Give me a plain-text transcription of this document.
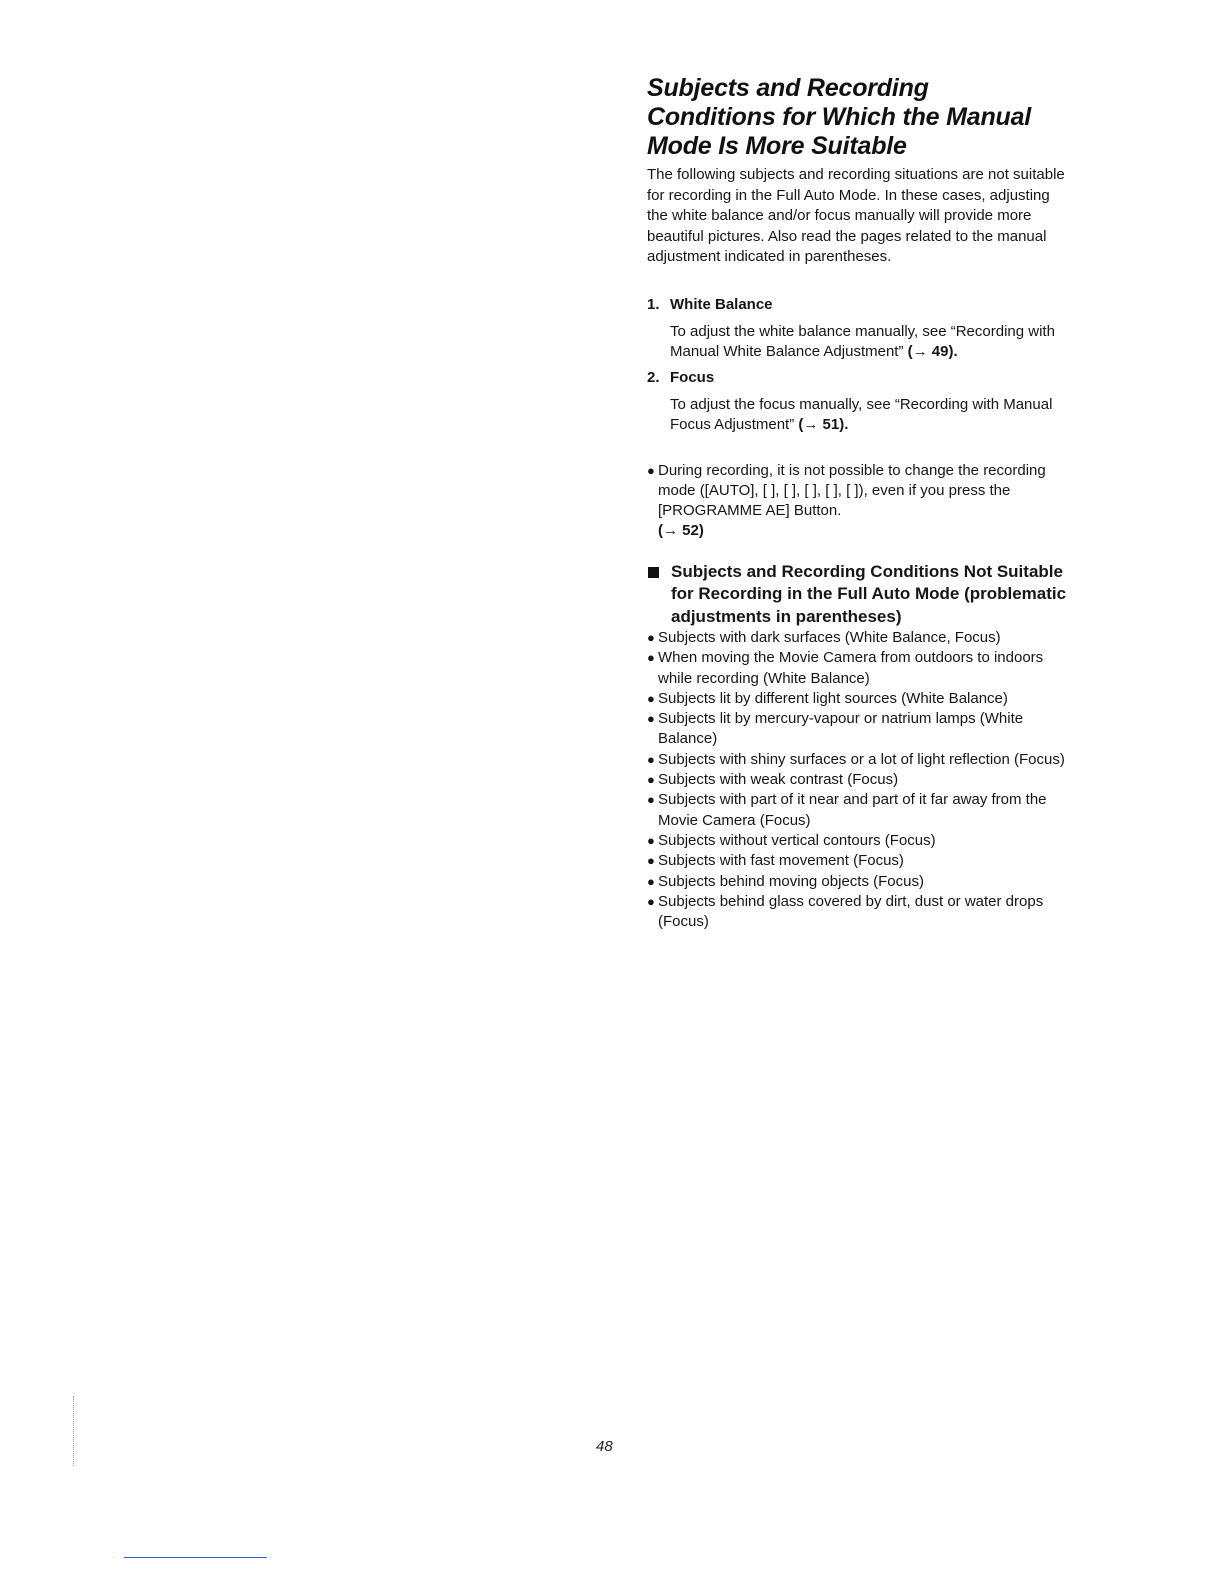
Subjects and Recording
Conditions for Which the Manual
Mode Is More Suitable

The following subjects and recording situations are not suitable for recording in the Full Auto Mode. In these cases, adjusting the white balance and/or focus manually will provide more beautiful pictures. Also read the pages related to the manual adjustment indicated in parentheses.

1. White Balance
To adjust the white balance manually, see “Recording with Manual White Balance Adjustment” (→ 49).
2. Focus
To adjust the focus manually, see “Recording with Manual Focus Adjustment” (→ 51).
● During recording, it is not possible to change the recording mode ([AUTO], [ ], [ ], [ ], [ ], [ ]), even if you press the [PROGRAMME AE] Button.
(→ 52)
Subjects and Recording Conditions Not Suitable for Recording in the Full Auto Mode (problematic adjustments in parentheses)
● Subjects with dark surfaces (White Balance, Focus)
● When moving the Movie Camera from outdoors to indoors while recording (White Balance)
● Subjects lit by different light sources (White Balance)
● Subjects lit by mercury-vapour or natrium lamps (White Balance)
● Subjects with shiny surfaces or a lot of light reflection (Focus)
● Subjects with weak contrast (Focus)
● Subjects with part of it near and part of it far away from the Movie Camera (Focus)
● Subjects without vertical contours (Focus)
● Subjects with fast movement (Focus)
● Subjects behind moving objects (Focus)
● Subjects behind glass covered by dirt, dust or water drops (Focus)
48
